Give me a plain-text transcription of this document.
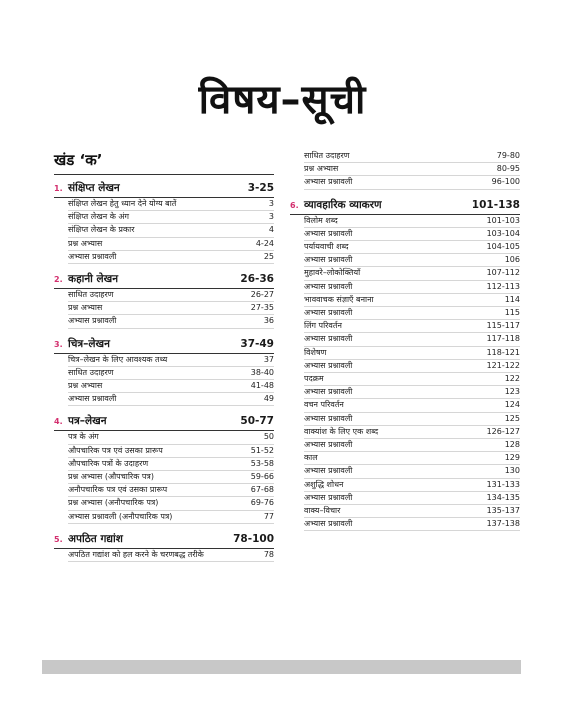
विषय–सूची
खंड ‘क’
1. संक्षिप्त लेखन	3-25
संक्षिप्त लेखन हेतु ध्यान देने योग्य बातें	3
संक्षिप्त लेखन के अंग	3
संक्षिप्त लेखन के प्रकार	4
प्रश्न अभ्यास	4-24
अभ्यास प्रश्नावली	25
2. कहानी लेखन	26-36
साधित उदाहरण	26-27
प्रश्न अभ्यास	27-35
अभ्यास प्रश्नावली	36
3. चित्र–लेखन	37-49
चित्र–लेखन के लिए आवश्यक तथ्य	37
साधित उदाहरण	38-40
प्रश्न अभ्यास	41-48
अभ्यास प्रश्नावली	49
4. पत्र–लेखन	50-77
पत्र के अंग	50
औपचारिक पत्र एवं उसका प्रारूप	51-52
औपचारिक पत्रों के उदाहरण	53-58
प्रश्न अभ्यास (औपचारिक पत्र)	59-66
अनौपचारिक पत्र एवं उसका प्रारूप	67-68
प्रश्न अभ्यास (अनौपचारिक पत्र)	69-76
अभ्यास प्रश्नावली (अनौपचारिक पत्र)	77
5. अपठित गद्यांश	78-100
अपठित गद्यांश को हल करने के चरणबद्ध तरीके	78
साधित उदाहरण	79-80
प्रश्न अभ्यास	80-95
अभ्यास प्रश्नावली	96-100
6. व्यावहारिक व्याकरण	101-138
विलोम शब्द	101-103
अभ्यास प्रश्नावली	103-104
पर्यायवाची शब्द	104-105
अभ्यास प्रश्नावली	106
मुहावरे–लोकोक्तियाँ	107-112
अभ्यास प्रश्नावली	112-113
भाववाचक संज्ञाएँ बनाना	114
अभ्यास प्रश्नावली	115
लिंग परिवर्तन	115-117
अभ्यास प्रश्नावली	117-118
विशेषण	118-121
अभ्यास प्रश्नावली	121-122
पदक्रम	122
अभ्यास प्रश्नावली	123
वचन परिवर्तन	124
अभ्यास प्रश्नावली	125
वाक्यांश के लिए एक शब्द	126-127
अभ्यास प्रश्नावली	128
काल	129
अभ्यास प्रश्नावली	130
अशुद्धि शोधन	131-133
अभ्यास प्रश्नावली	134-135
वाक्य–विचार	135-137
अभ्यास प्रश्नावली	137-138
